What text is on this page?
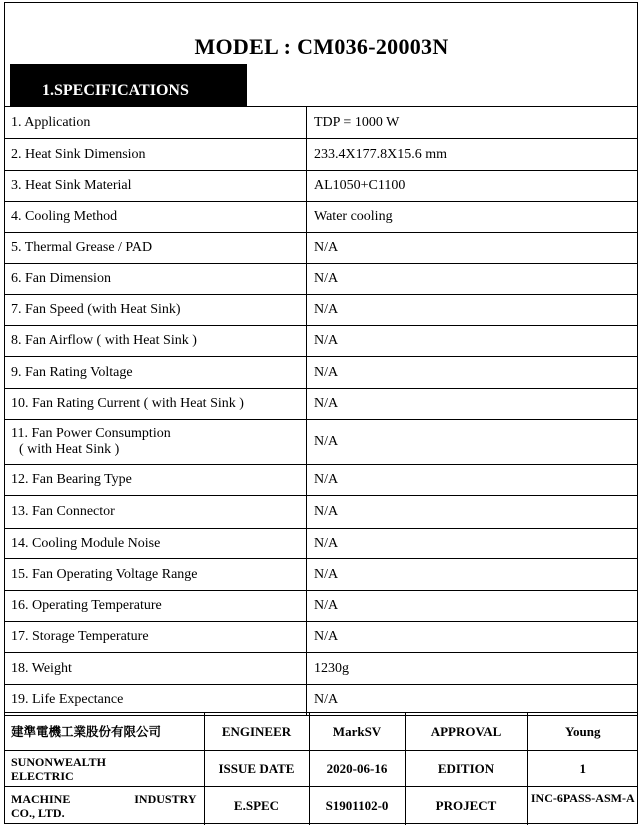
MODEL : CM036-20003N
1.SPECIFICATIONS
1. Application	TDP = 1000 W

2. Heat Sink Dimension	233.4X177.8X15.6 mm

3. Heat Sink Material	AL1050+C1100

4. Cooling Method	Water cooling

5. Thermal Grease / PAD	N/A

6. Fan Dimension	N/A

7. Fan Speed (with Heat Sink)	N/A

8. Fan Airflow ( with Heat Sink )	N/A

9. Fan Rating Voltage	N/A

10. Fan Rating Current ( with Heat Sink )	N/A

11. Fan Power Consumption
( with Heat Sink )	N/A

12. Fan Bearing Type	N/A

13. Fan Connector	N/A

14. Cooling Module Noise	N/A

15. Fan Operating Voltage Range	N/A

16. Operating Temperature	N/A

17. Storage Temperature	N/A

18. Weight	1230g

19. Life Expectance	N/A
建準電機工業股份有限公司	ENGINEER	MarkSV	APPROVAL	Young

SUNONWEALTH
ELECTRIC	ISSUE DATE	2020-06-16	EDITION	1

MACHINE INDUSTRY
CO., LTD.	E.SPEC	S1901102-0	PROJECT	INC-6PASS-ASM-A
